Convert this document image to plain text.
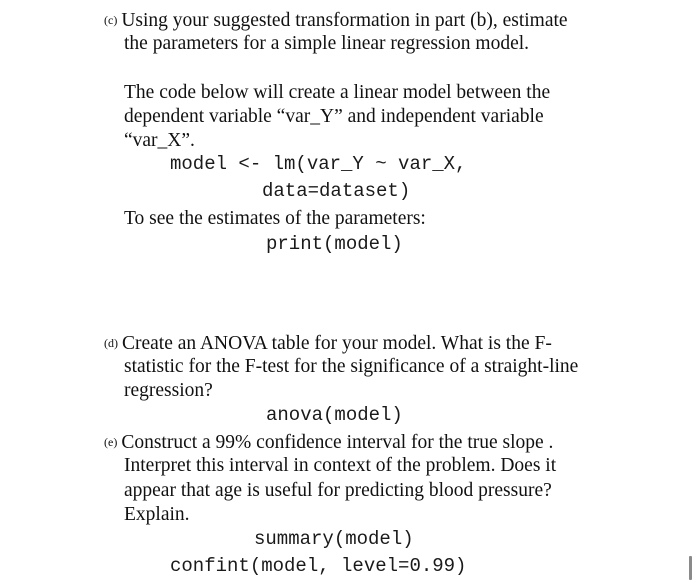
(c) Using your suggested transformation in part (b), estimate
the parameters for a simple linear regression model.
The code below will create a linear model between the
dependent variable “var_Y” and independent variable
“var_X”.
model <- lm(var_Y ~ var_X,
data=dataset)
To see the estimates of the parameters:
print(model)
(d) Create an ANOVA table for your model. What is the F-
statistic for the F-test for the significance of a straight-line
regression?
anova(model)
(e) Construct a 99% confidence interval for the true slope .
Interpret this interval in context of the problem. Does it
appear that age is useful for predicting blood pressure?
Explain.
summary(model)
confint(model, level=0.99)
